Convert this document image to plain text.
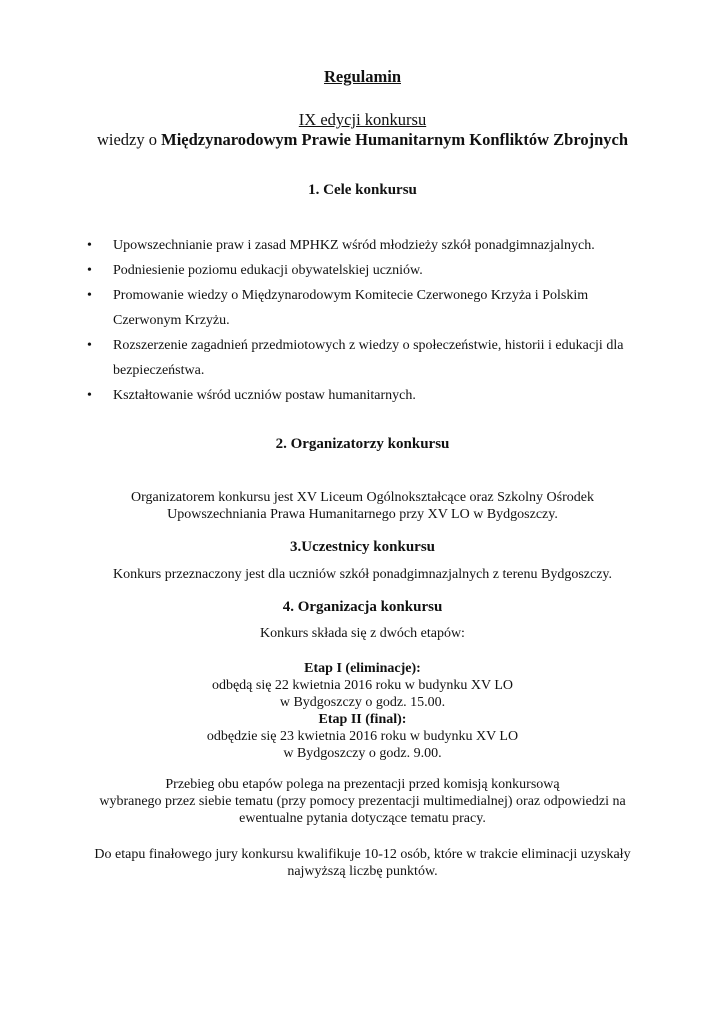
Regulamin

IX edycji konkursu

wiedzy o Międzynarodowym Prawie Humanitarnym Konfliktów Zbrojnych

1. Cele konkursu

• Upowszechnianie praw i zasad MPHKZ wśród młodzieży szkół ponadgimnazjalnych.
• Podniesienie poziomu edukacji obywatelskiej uczniów.
• Promowanie wiedzy o Międzynarodowym Komitecie Czerwonego Krzyża i Polskim
Czerwonym Krzyżu.
• Rozszerzenie zagadnień przedmiotowych z wiedzy o społeczeństwie, historii i edukacji dla
bezpieczeństwa.
• Kształtowanie wśród uczniów postaw humanitarnych.

2. Organizatorzy konkursu

Organizatorem konkursu jest XV Liceum Ogólnokształcące oraz Szkolny Ośrodek
Upowszechniania Prawa Humanitarnego przy XV LO w Bydgoszczy.

3.Uczestnicy konkursu

Konkurs przeznaczony jest dla uczniów szkół ponadgimnazjalnych z terenu Bydgoszczy.

4. Organizacja konkursu

Konkurs składa się z dwóch etapów:
Etap I (eliminacje):
odbędą się 22 kwietnia 2016 roku w budynku XV LO
w Bydgoszczy o godz. 15.00.
Etap II (final):
odbędzie się 23 kwietnia 2016 roku w budynku XV LO
w Bydgoszczy o godz. 9.00.
Przebieg obu etapów polega na prezentacji przed komisją konkursową
wybranego przez siebie tematu (przy pomocy prezentacji multimedialnej) oraz odpowiedzi na
ewentualne pytania dotyczące tematu pracy.
Do etapu finałowego jury konkursu kwalifikuje 10-12 osób, które w trakcie eliminacji uzyskały
najwyższą liczbę punktów.
